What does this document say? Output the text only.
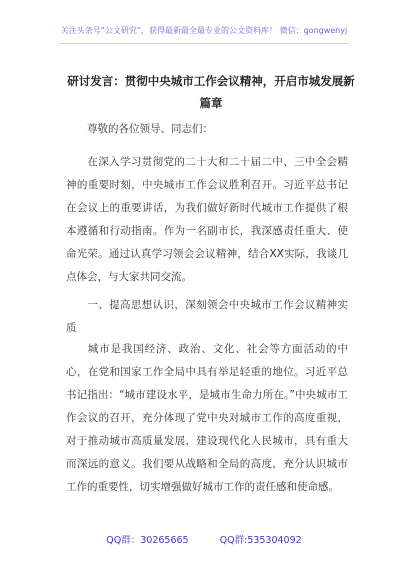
关注头条号“公文研究”，获得最新最全最专业的公文资料库！ 微信：gongwenyj
研讨发言：贯彻中央城市工作会议精神，开启市城发展新篇章
尊敬的各位领导、同志们：
在深入学习贯彻党的二十大和二十届二中、三中全会精神的重要时刻，中央城市工作会议胜利召开。习近平总书记在会议上的重要讲话，为我们做好新时代城市工作提供了根本遵循和行动指南。作为一名副市长，我深感责任重大、使命光荣。通过认真学习领会会议精神，结合XX实际，我谈几点体会，与大家共同交流。
一、提高思想认识，深刻领会中央城市工作会议精神实质
城市是我国经济、政治、文化、社会等方面活动的中心，在党和国家工作全局中具有举足轻重的地位。习近平总书记指出：“城市建设水平，是城市生命力所在。”中央城市工作会议的召开，充分体现了党中央对城市工作的高度重视，对于推动城市高质量发展，建设现代化人民城市，具有重大而深远的意义。我们要从战略和全局的高度，充分认识城市工作的重要性，切实增强做好城市工作的责任感和使命感。
QQ群：30265665	QQ群:535304092
